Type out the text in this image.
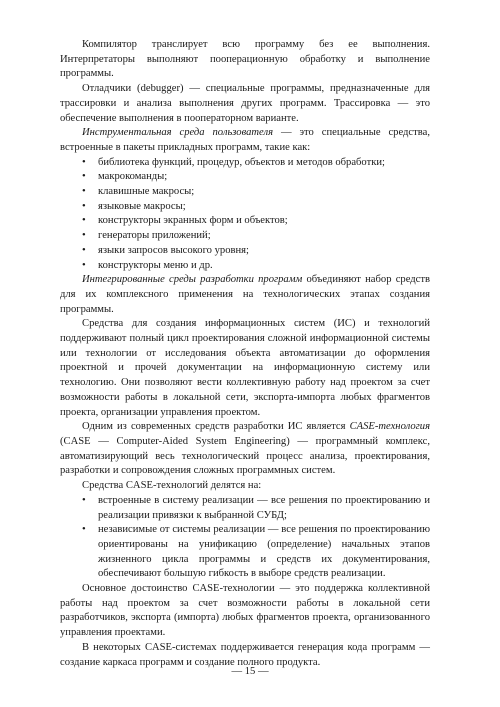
Компилятор транслирует всю программу без ее выполнения. Интерпретаторы выполняют пооперационную обработку и выполнение программы.

Отладчики (debugger) — специальные программы, предназначенные для трассировки и анализа выполнения других программ. Трассировка — это обеспечение выполнения в пооператорном варианте.

Инструментальная среда пользователя — это специальные средства, встроенные в пакеты прикладных программ, такие как:

• библиотека функций, процедур, объектов и методов обработки;
• макрокоманды;
• клавишные макросы;
• языковые макросы;
• конструкторы экранных форм и объектов;
• генераторы приложений;
• языки запросов высокого уровня;
• конструкторы меню и др.

Интегрированные среды разработки программ объединяют набор средств для их комплексного применения на технологических этапах создания программы.

Средства для создания информационных систем (ИС) и технологий поддерживают полный цикл проектирования сложной информационной системы или технологии от исследования объекта автоматизации до оформления проектной и прочей документации на информационную систему или технологию. Они позволяют вести коллективную работу над проектом за счет возможности работы в локальной сети, экспорта-импорта любых фрагментов проекта, организации управления проектом.

Одним из современных средств разработки ИС является CASE-технология (CASE — Computer-Aided System Engineering) — программный комплекс, автоматизирующий весь технологический процесс анализа, проектирования, разработки и сопровождения сложных программных систем.

Средства CASE-технологий делятся на:

• встроенные в систему реализации — все решения по проектированию и реализации привязки к выбранной СУБД;
• независимые от системы реализации — все решения по проектированию ориентированы на унификацию (определение) начальных этапов жизненного цикла программы и средств их документирования, обеспечивают большую гибкость в выборе средств реализации.

Основное достоинство CASE-технологии — это поддержка коллективной работы над проектом за счет возможности работы в локальной сети разработчиков, экспорта (импорта) любых фрагментов проекта, организованного управления проектами.

В некоторых CASE-системах поддерживается генерация кода программ — создание каркаса программ и создание полного продукта.

— 15 —
